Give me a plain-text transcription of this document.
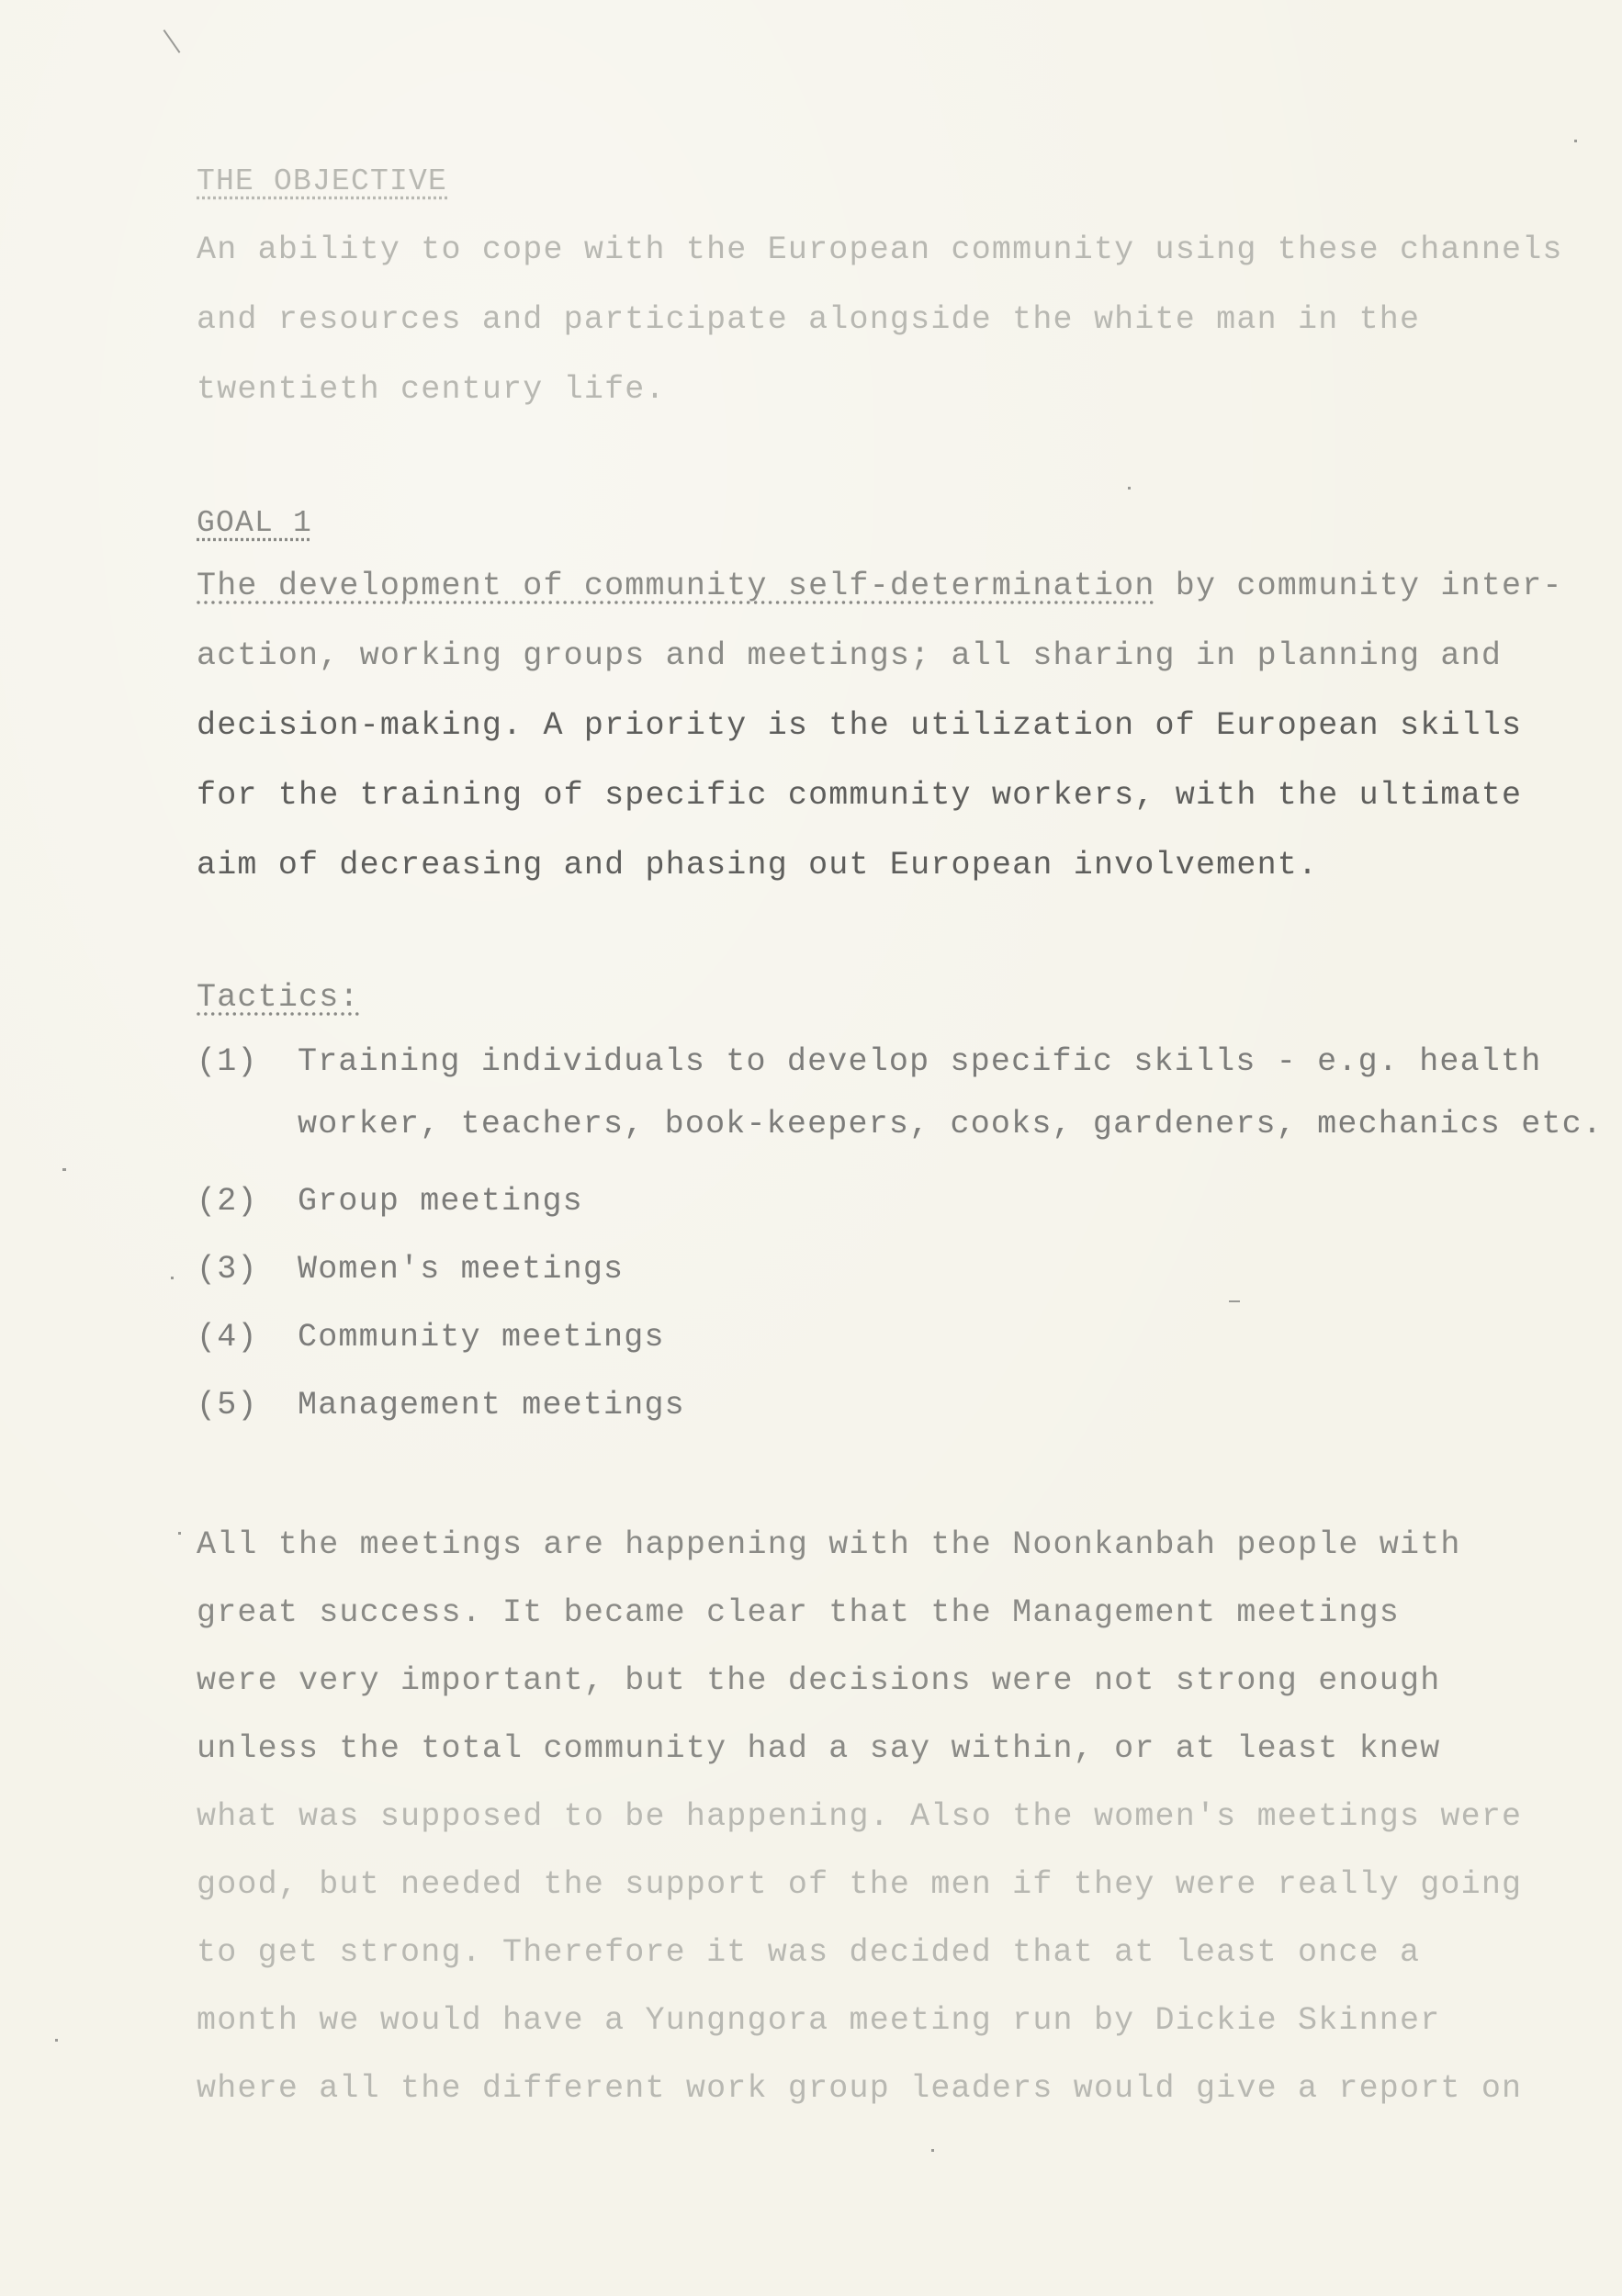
THE OBJECTIVE
An ability to cope with the European community using these channels
and resources and participate alongside the white man in the
twentieth century life.
GOAL 1
The development of community self-determination by community inter-
action, working groups and meetings; all sharing in planning and
decision-making. A priority is the utilization of European skills
for the training of specific community workers, with the ultimate
aim of decreasing and phasing out European involvement.
Tactics:
(1) Training individuals to develop specific skills - e.g. health
worker, teachers, book-keepers, cooks, gardeners, mechanics etc.
(2) Group meetings
(3) Women's meetings
(4) Community meetings
(5) Management meetings
All the meetings are happening with the Noonkanbah people with
great success. It became clear that the Management meetings
were very important, but the decisions were not strong enough
unless the total community had a say within, or at least knew
what was supposed to be happening. Also the women's meetings were
good, but needed the support of the men if they were really going
to get strong. Therefore it was decided that at least once a
month we would have a Yungngora meeting run by Dickie Skinner
where all the different work group leaders would give a report on
